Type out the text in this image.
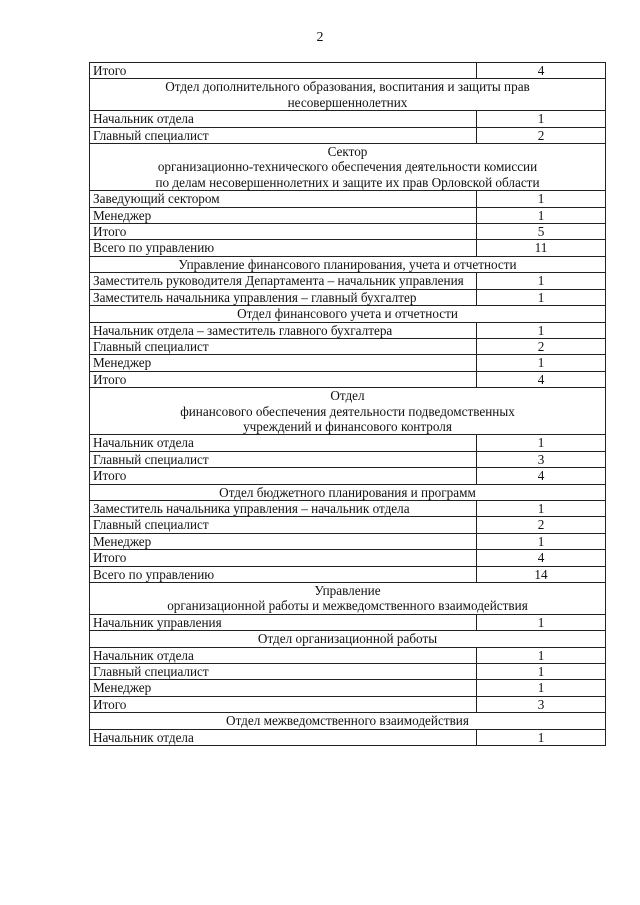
2
Итого	4

Отдел дополнительного образования, воспитания и защиты прав
несовершеннолетних	

Начальник отдела	1
Главный специалист	2

Сектор
организационно-технического обеспечения деятельности комиссии
по делам несовершеннолетних и защите их прав Орловской области	

Заведующий сектором	1
Менеджер	1
Итого	5
Всего по управлению	11

Управление финансового планирования, учета и отчетности	

Заместитель руководителя Департамента – начальник управления	1
Заместитель начальника управления – главный бухгалтер	1

Отдел финансового учета и отчетности	

Начальник отдела – заместитель главного бухгалтера	1
Главный специалист	2
Менеджер	1
Итого	4

Отдел
финансового обеспечения деятельности подведомственных
учреждений и финансового контроля	

Начальник отдела	1
Главный специалист	3
Итого	4

Отдел бюджетного планирования и программ	

Заместитель начальника управления – начальник отдела	1
Главный специалист	2
Менеджер	1
Итого	4
Всего по управлению	14

Управление
организационной работы и межведомственного взаимодействия	

Начальник управления	1

Отдел организационной работы	

Начальник отдела	1
Главный специалист	1
Менеджер	1
Итого	3

Отдел межведомственного взаимодействия	

Начальник отдела	1
